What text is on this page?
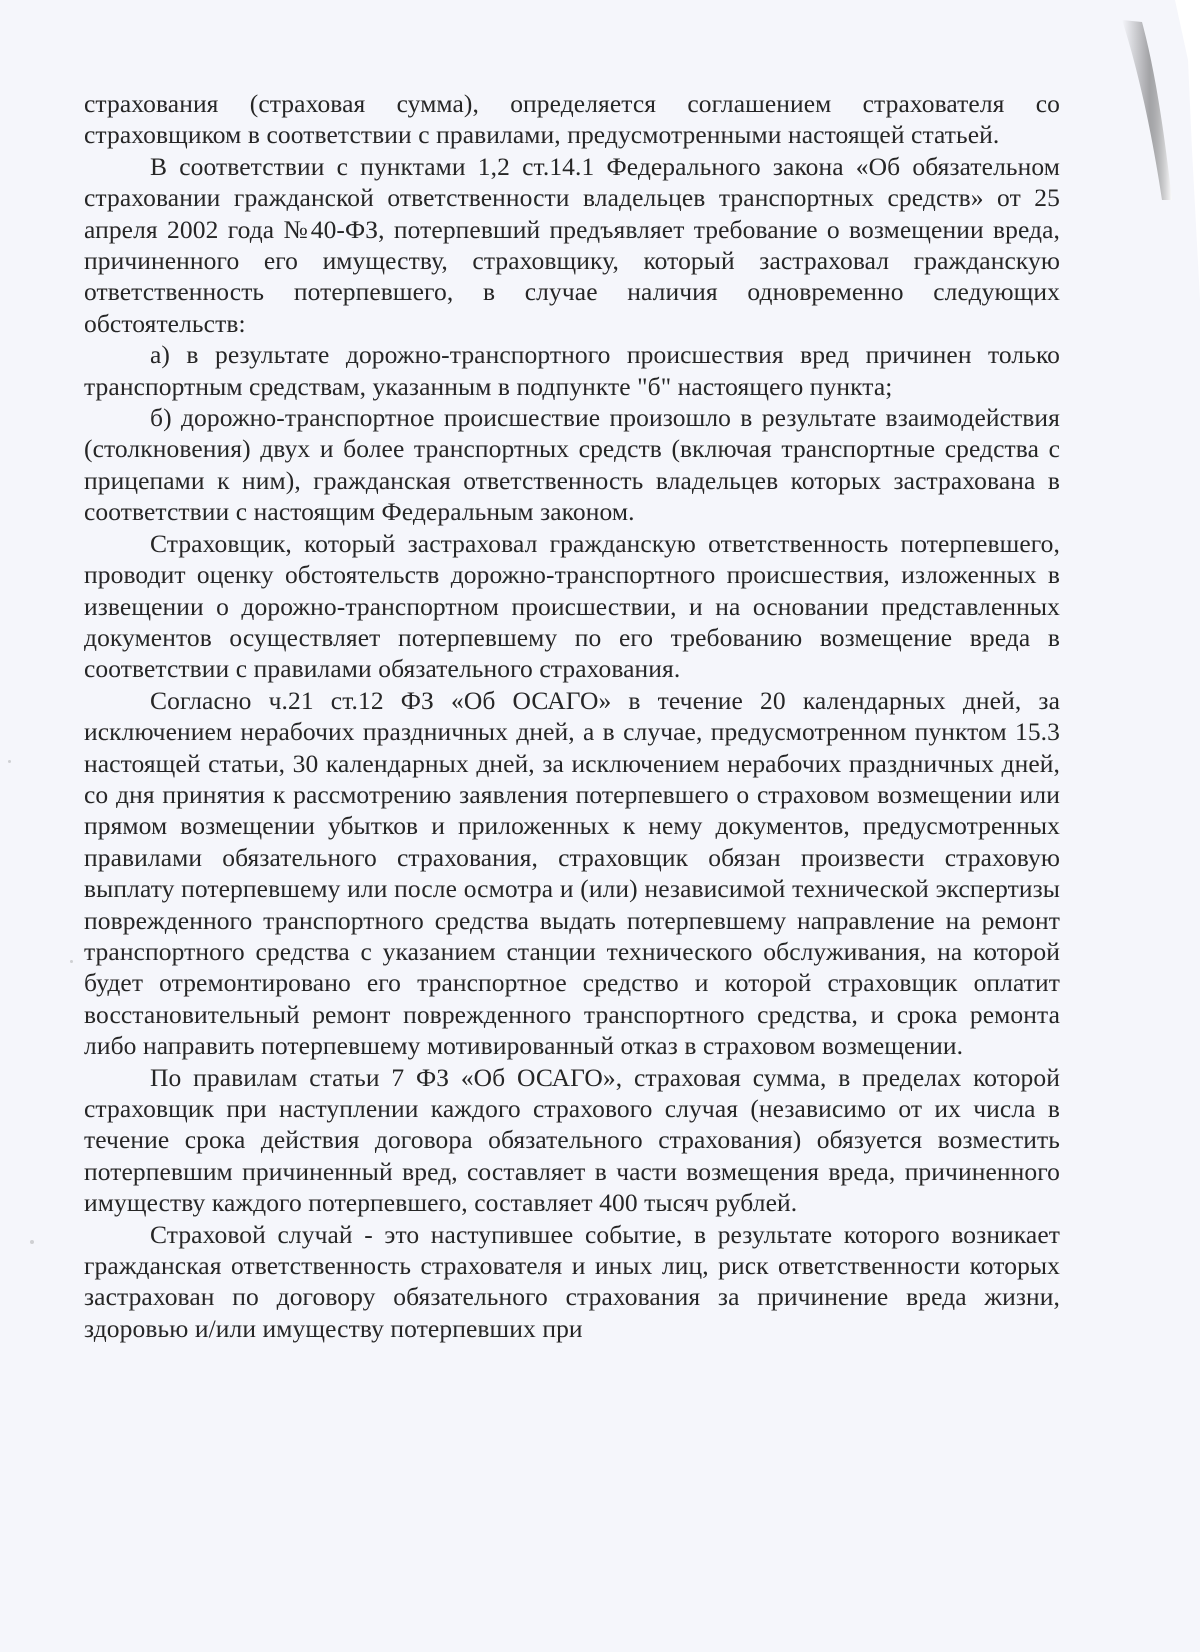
страхования (страховая сумма), определяется соглашением страхователя со страховщиком в соответствии с правилами, предусмотренными настоящей статьей.

В соответствии с пунктами 1,2 ст.14.1 Федерального закона «Об обязательном страховании гражданской ответственности владельцев транспортных средств» от 25 апреля 2002 года №40-ФЗ, потерпевший предъявляет требование о возмещении вреда, причиненного его имуществу, страховщику, который застраховал гражданскую ответственность потерпевшего, в случае наличия одновременно следующих обстоятельств:

а) в результате дорожно-транспортного происшествия вред причинен только транспортным средствам, указанным в подпункте "б" настоящего пункта;

б) дорожно-транспортное происшествие произошло в результате взаимодействия (столкновения) двух и более транспортных средств (включая транспортные средства с прицепами к ним), гражданская ответственность владельцев которых застрахована в соответствии с настоящим Федеральным законом.

Страховщик, который застраховал гражданскую ответственность потерпевшего, проводит оценку обстоятельств дорожно-транспортного происшествия, изложенных в извещении о дорожно-транспортном происшествии, и на основании представленных документов осуществляет потерпевшему по его требованию возмещение вреда в соответствии с правилами обязательного страхования.

Согласно ч.21 ст.12 ФЗ «Об ОСАГО» в течение 20 календарных дней, за исключением нерабочих праздничных дней, а в случае, предусмотренном пунктом 15.3 настоящей статьи, 30 календарных дней, за исключением нерабочих праздничных дней, со дня принятия к рассмотрению заявления потерпевшего о страховом возмещении или прямом возмещении убытков и приложенных к нему документов, предусмотренных правилами обязательного страхования, страховщик обязан произвести страховую выплату потерпевшему или после осмотра и (или) независимой технической экспертизы поврежденного транспортного средства выдать потерпевшему направление на ремонт транспортного средства с указанием станции технического обслуживания, на которой будет отремонтировано его транспортное средство и которой страховщик оплатит восстановительный ремонт поврежденного транспортного средства, и срока ремонта либо направить потерпевшему мотивированный отказ в страховом возмещении.

По правилам статьи 7 ФЗ «Об ОСАГО», страховая сумма, в пределах которой страховщик при наступлении каждого страхового случая (независимо от их числа в течение срока действия договора обязательного страхования) обязуется возместить потерпевшим причиненный вред, составляет в части возмещения вреда, причиненного имуществу каждого потерпевшего, составляет 400 тысяч рублей.

Страховой случай - это наступившее событие, в результате которого возникает гражданская ответственность страхователя и иных лиц, риск ответственности которых застрахован по договору обязательного страхования за причинение вреда жизни, здоровью и/или имуществу потерпевших при
